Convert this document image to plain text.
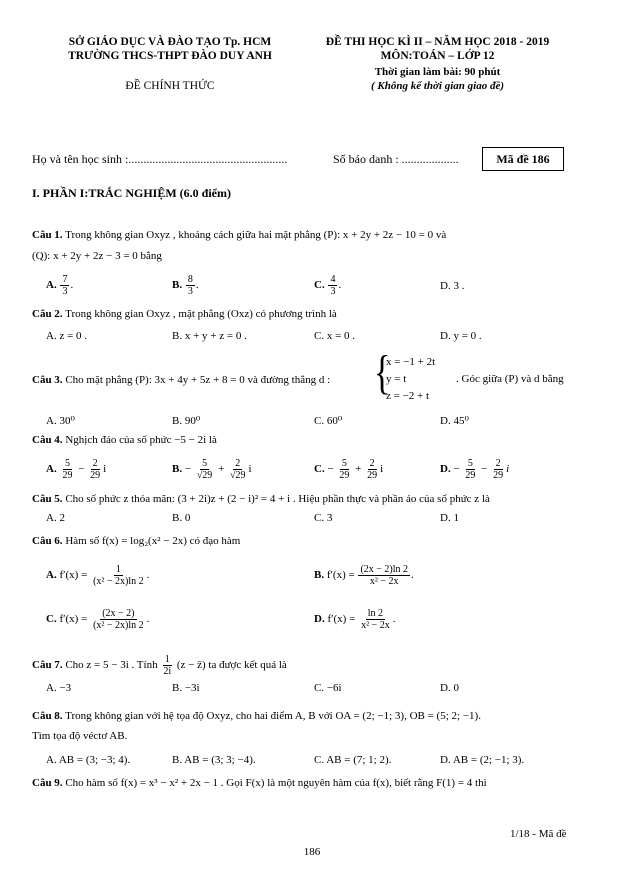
SỞ GIÁO DỤC VÀ ĐÀO TẠO Tp. HCM
TRƯỜNG THCS-THPT ĐÀO DUY ANH
ĐỀ CHÍNH THỨC
ĐỀ THI HỌC KÌ II – NĂM HỌC 2018 - 2019
MÔN:TOÁN – LỚP 12
Thời gian làm bài: 90 phút
( Không kể thời gian giao đề)
Họ và tên học sinh :.....................................................	Số báo danh : ...................	Mã đề 186
I. PHẦN I:TRẮC NGHIỆM (6.0 điểm)
Câu 1. Trong không gian Oxyz , khoảng cách giữa hai mặt phẳng (P): x + 2y + 2z − 10 = 0 và
(Q): x + 2y + 2z − 3 = 0 bằng
A. $\frac{7}{3}$ .	B. $\frac{8}{3}$ .	C. $\frac{4}{3}$ .	D. 3 .
Câu 2. Trong không gian Oxyz , mặt phẳng (Oxz) có phương trình là
A. z = 0 .	B. x + y + z = 0 .	C. x = 0 .	D. y = 0 .
Câu 3. Cho mặt phẳng (P): 3x + 4y + 5z + 8 = 0 và đường thẳng d :	{
x = −1 + 2t
y = t
z = −2 + t
. Góc giữa (P) và d bằng
A. 30⁰	B. 90⁰	C. 60⁰	D. 45⁰
Câu 4. Nghịch đảo của số phức −5 − 2i là
A. $\frac{5}{29} - \frac{2}{29}$ i	B. − $\frac{5}{√29} + \frac{2}{√29}$ i	C. − $\frac{5}{29} + \frac{2}{29}$ i	D. − $\frac{5}{29} - \frac{2}{29}$ i
Câu 5. Cho số phức z thỏa mãn: (3 + 2i)z + (2 − i)² = 4 + i . Hiệu phần thực và phần ảo của số phức z là
A. 2	B. 0	C. 3	D. 1
Câu 6. Hàm số f(x) = log₂(x² − 2x) có đạo hàm
A. $f'(x) = \frac{1}{\text{(x² − 2x)ln 2}}$ .	B. $f'(x) = \frac{(2x - 2)\ln 2}{\text{x² − 2x}}$ .
C. $f'(x) = \frac{(2x - 2)}{\text{(x² − 2x)ln 2}}$ .	D. $f'(x) = \frac{\ln 2}{\text{x² − 2x}}$ .
Câu 7. Cho z = 5 − 3i . Tính $\frac{1}{2i} (z$ − z̄) ta được kết quả là
A. −3	B. −3i	C. −6i	D. 0
Câu 8. Trong không gian với hệ tọa độ Oxyz, cho hai điểm A, B với OA = (2; −1; 3), OB = (5; 2; −1).
Tìm tọa độ véctơ AB.
A. AB = (3; −3; 4).	B. AB = (3; 3; −4).	C. AB = (7; 1; 2).	D. AB = (2; −1; 3).
Câu 9. Cho hàm số f(x) = x³ − x² + 2x − 1 . Gọi F(x) là một nguyên hàm của f(x), biết rằng F(1) = 4 thì
1/18 - Mã đề
186
